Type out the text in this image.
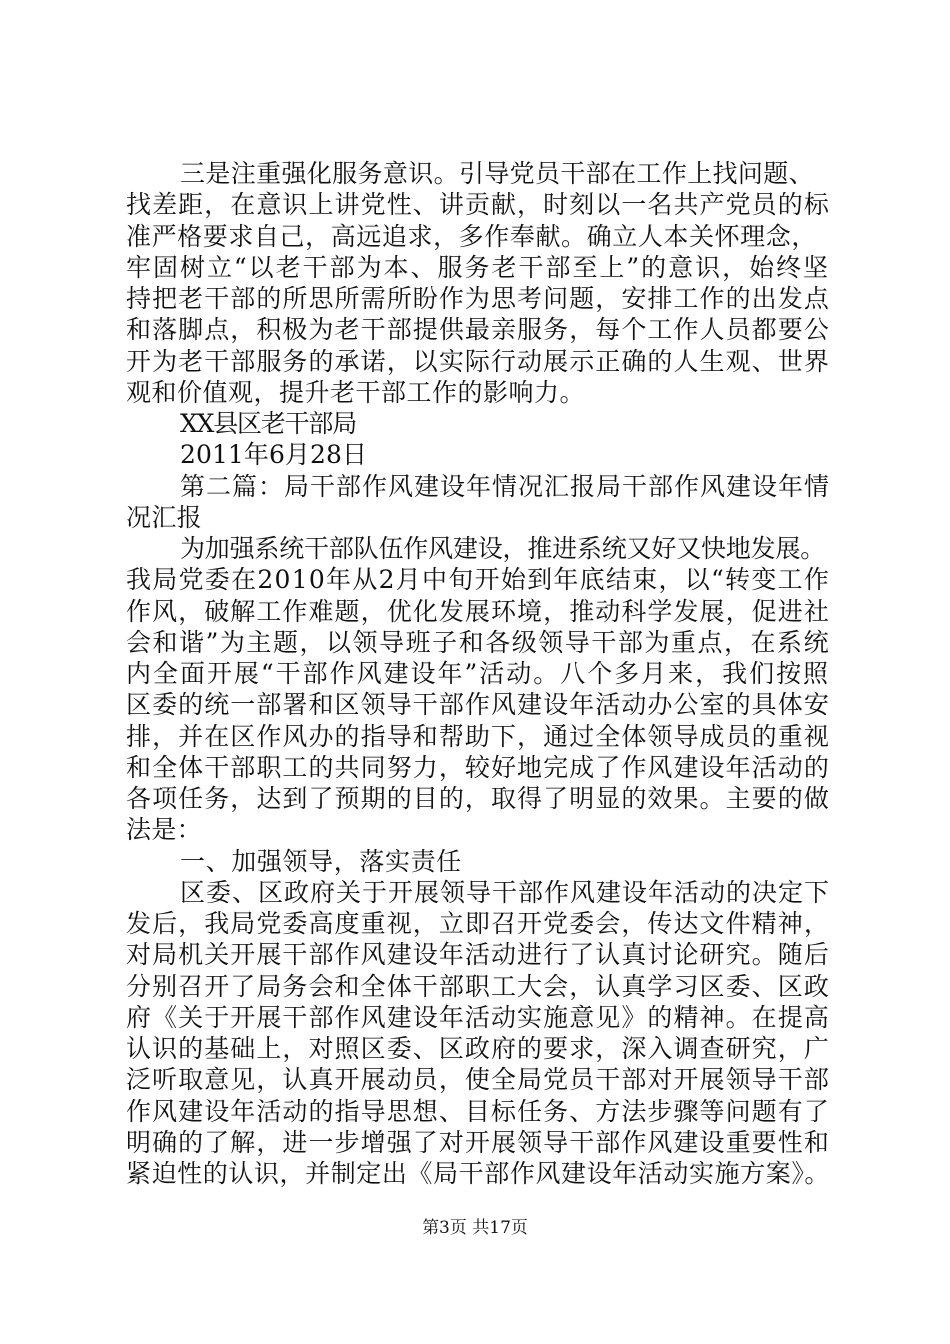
三是注重强化服务意识。引导党员干部在工作上找问题、
找差距，在意识上讲党性、讲贡献，时刻以一名共产党员的标
准严格要求自己，高远追求，多作奉献。确立人本关怀理念，
牢固树立“以老干部为本、服务老干部至上”的意识，始终坚
持把老干部的所思所需所盼作为思考问题，安排工作的出发点
和落脚点，积极为老干部提供最亲服务，每个工作人员都要公
开为老干部服务的承诺，以实际行动展示正确的人生观、世界
观和价值观，提升老干部工作的影响力。
XX县区老干部局
2011年6月28日
第二篇：局干部作风建设年情况汇报局干部作风建设年情
况汇报
为加强系统干部队伍作风建设，推进系统又好又快地发展。
我局党委在2010年从2月中旬开始到年底结束，以“转变工作
作风，破解工作难题，优化发展环境，推动科学发展，促进社
会和谐”为主题，以领导班子和各级领导干部为重点，在系统
内全面开展“干部作风建设年”活动。八个多月来，我们按照
区委的统一部署和区领导干部作风建设年活动办公室的具体安
排，并在区作风办的指导和帮助下，通过全体领导成员的重视
和全体干部职工的共同努力，较好地完成了作风建设年活动的
各项任务，达到了预期的目的，取得了明显的效果。主要的做
法是：
一、加强领导，落实责任
区委、区政府关于开展领导干部作风建设年活动的决定下
发后，我局党委高度重视，立即召开党委会，传达文件精神，
对局机关开展干部作风建设年活动进行了认真讨论研究。随后
分别召开了局务会和全体干部职工大会，认真学习区委、区政
府《关于开展干部作风建设年活动实施意见》的精神。在提高
认识的基础上，对照区委、区政府的要求，深入调查研究，广
泛听取意见，认真开展动员，使全局党员干部对开展领导干部
作风建设年活动的指导思想、目标任务、方法步骤等问题有了
明确的了解，进一步增强了对开展领导干部作风建设重要性和
紧迫性的认识，并制定出《局干部作风建设年活动实施方案》。
第3页 共17页
